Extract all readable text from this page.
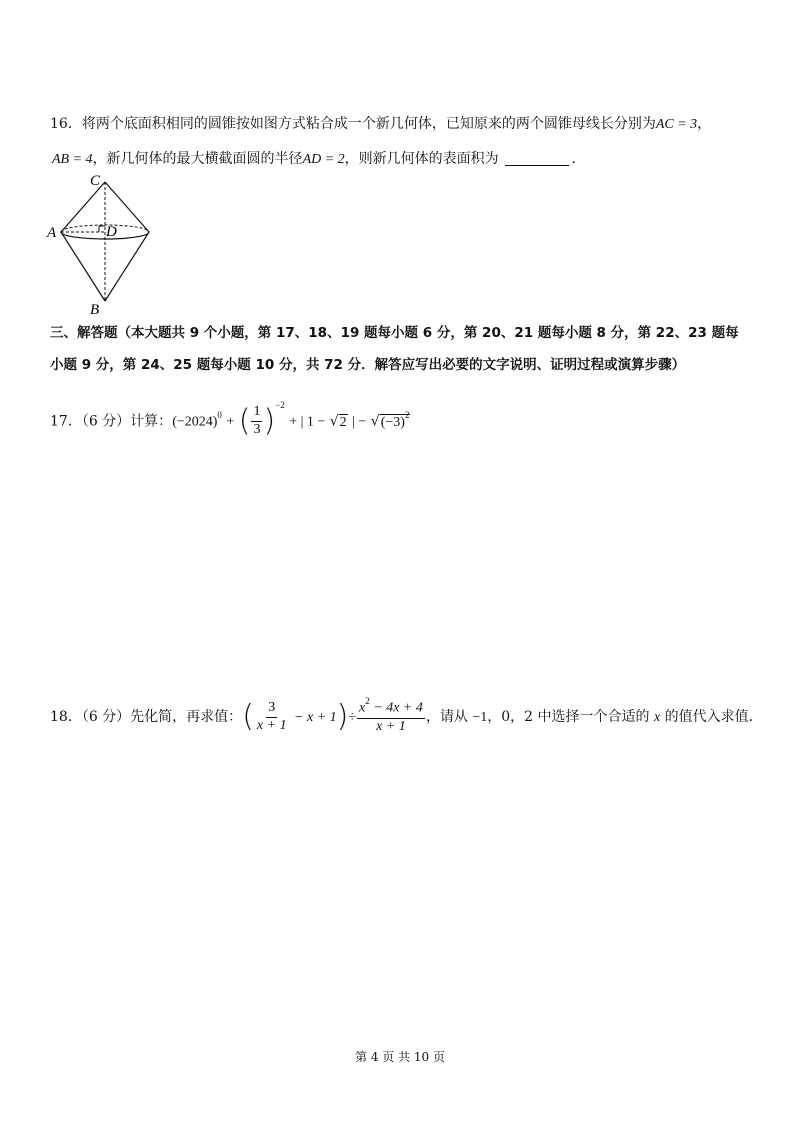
16．将两个底面积相同的圆锥按如图方式粘合成一个新几何体，已知原来的两个圆锥母线长分别为AC = 3，
AB = 4，新几何体的最大横截面圆的半径AD = 2，则新几何体的表面积为	．
C
A	D
B
三、解答题（本大题共 9 个小题，第 17、18、19 题每小题 6 分，第 20、21 题每小题 8 分，第 22、23 题每
小题 9 分，第 24、25 题每小题 10 分，共 72 分．解答应写出必要的文字说明、证明过程或演算步骤）
17．（6 分）计算：$(-2024)^0$ + ( $\frac{1}{3} )^{-2}$ + | 1 − √2 | − $√(-3)^2$
18．（6 分）先化简，再求值：( $\frac{3}{x + 1} - x + 1)\div \frac{x^2 - 4x + 4}{x + 1}$ ，请从 −1，0，2 中选择一个合适的 x 的值代入求值．
第 4 页 共 10 页
